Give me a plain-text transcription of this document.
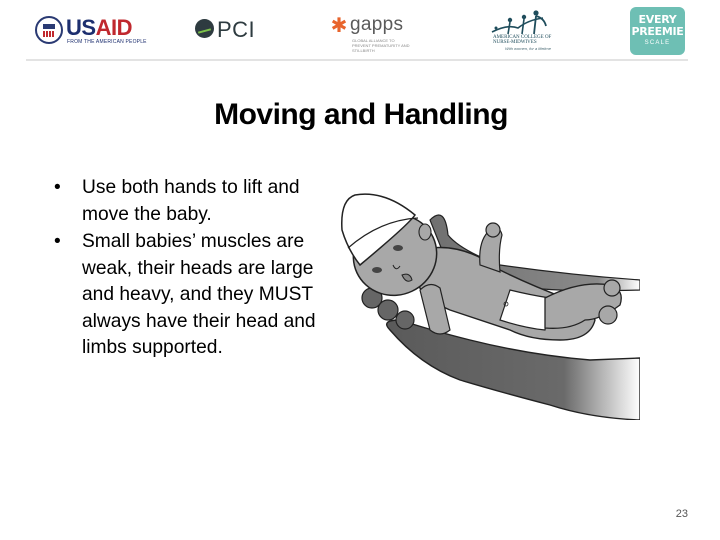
USAID
FROM THE AMERICAN PEOPLE	PCI	✱ gapps
GLOBAL ALLIANCE TO PREVENT PREMATURITY AND STILLBIRTH
AMERICAN COLLEGE OF NURSE-MIDWIVES
With women, for a lifetime
EVERY
PREEMIE
SCALE
Moving and Handling
• Use both hands to lift and move the baby.
• Small babies’ muscles are weak, their heads are large and heavy, and they MUST always have their head and limbs supported.
23
